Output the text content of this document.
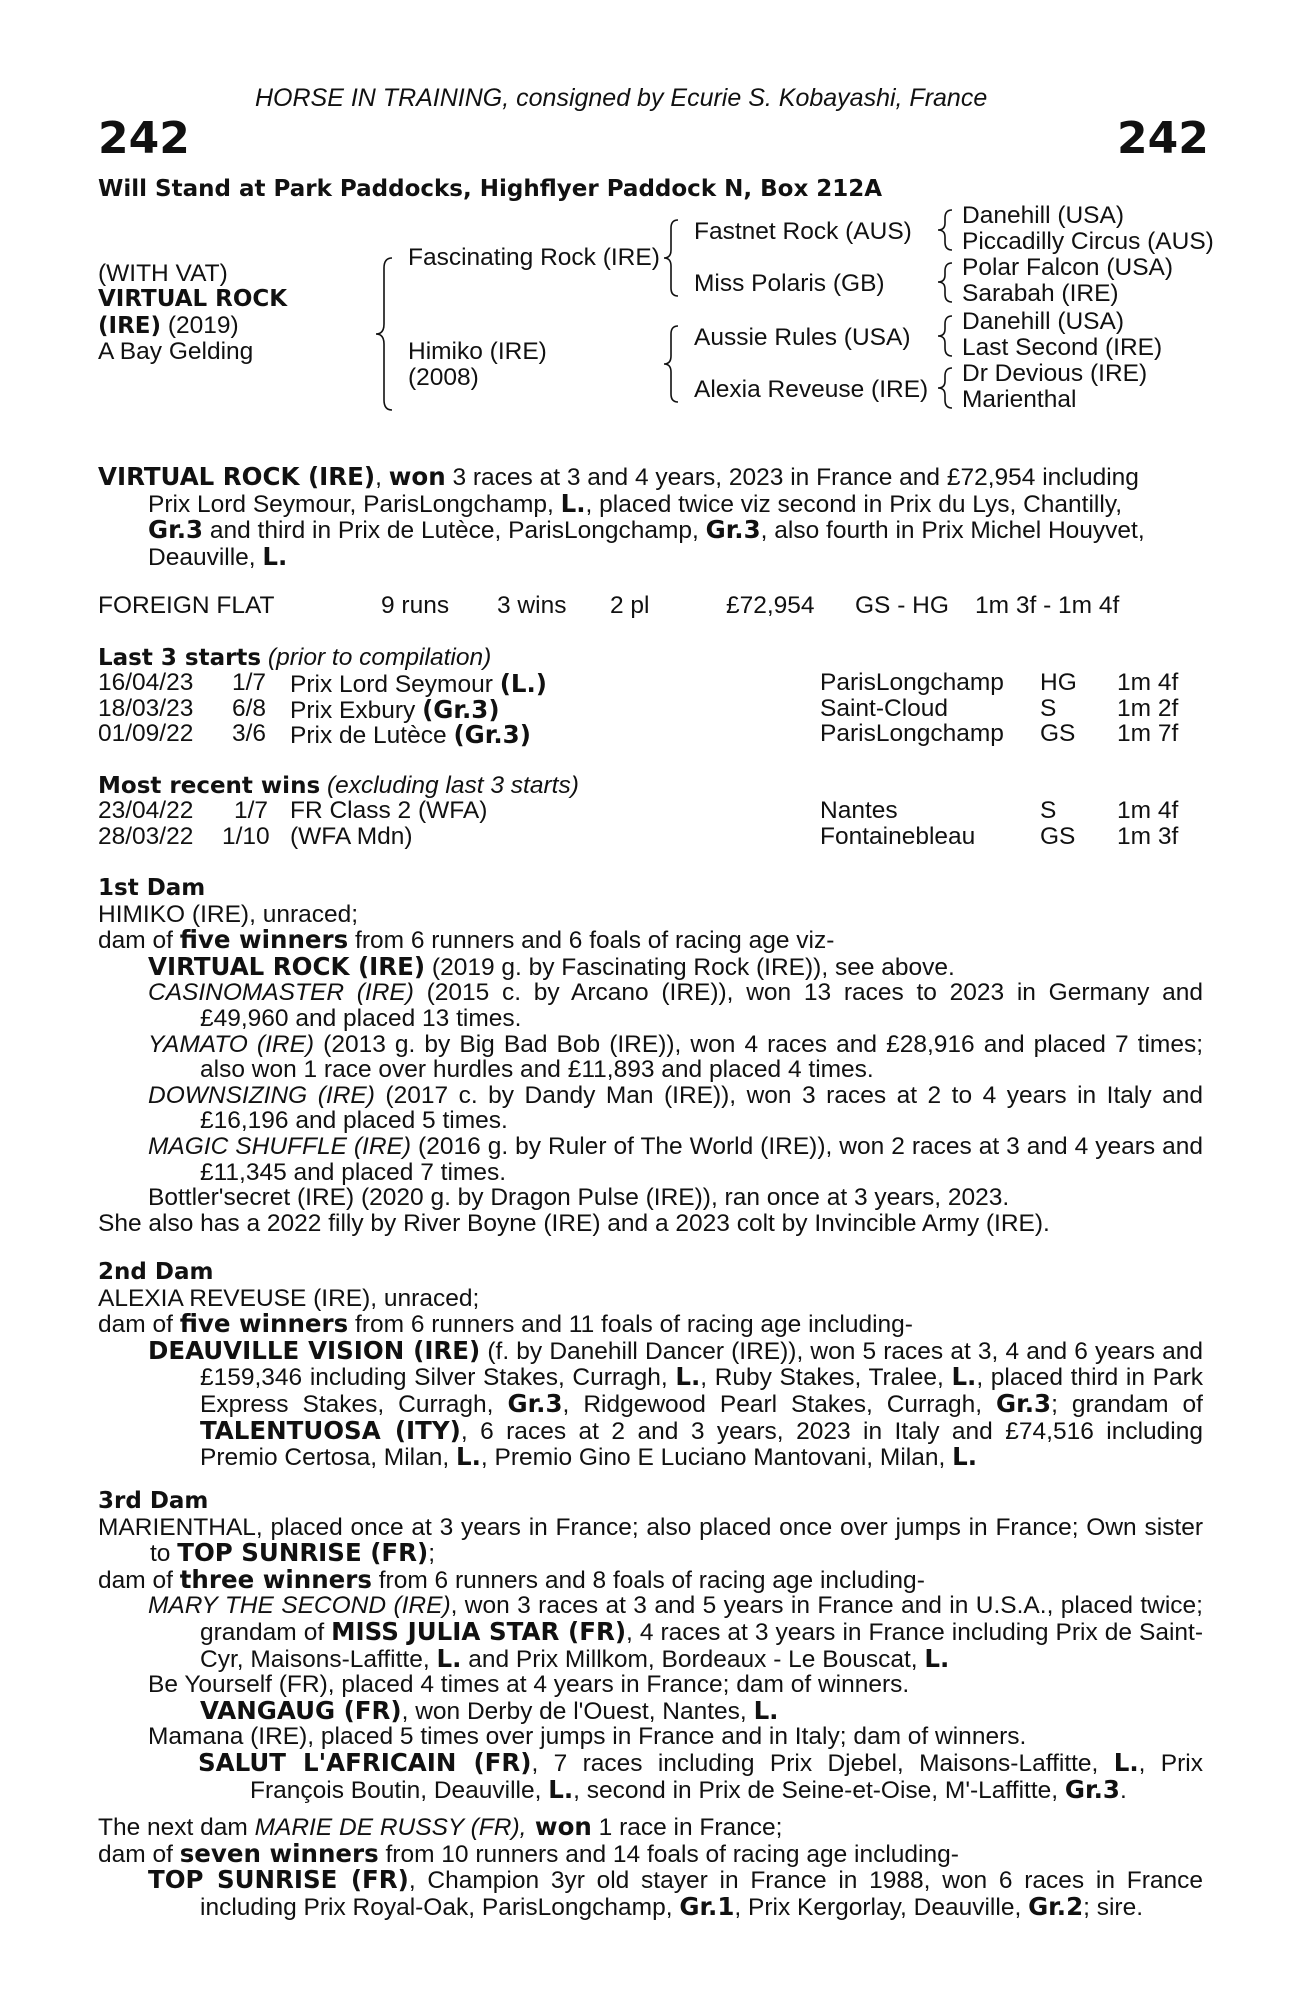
HORSE IN TRAINING, consigned by Ecurie S. Kobayashi, France
242	242
Will Stand at Park Paddocks, Highflyer Paddock N, Box 212A
(WITH VAT)
VIRTUAL ROCK
(IRE) (2019)
A Bay Gelding
Fascinating Rock (IRE)
Himiko (IRE)
(2008)
Fastnet Rock (AUS)
Miss Polaris (GB)
Aussie Rules (USA)
Alexia Reveuse (IRE)
Danehill (USA)
Piccadilly Circus (AUS)
Polar Falcon (USA)
Sarabah (IRE)
Danehill (USA)
Last Second (IRE)
Dr Devious (IRE)
Marienthal
VIRTUAL ROCK (IRE), won 3 races at 3 and 4 years, 2023 in France and £72,954 including
Prix Lord Seymour, ParisLongchamp, L., placed twice viz second in Prix du Lys, Chantilly,
Gr.3 and third in Prix de Lutèce, ParisLongchamp, Gr.3, also fourth in Prix Michel Houyvet,
Deauville, L.
FOREIGN FLAT	9 runs 3 wins 2 pl	£72,954 GS - HG 1m 3f - 1m 4f
Last 3 starts (prior to compilation)
16/04/23 1/7 Prix Lord Seymour (L.)	ParisLongchamp HG 1m 4f
18/03/23 6/8 Prix Exbury (Gr.3)	Saint-Cloud	S 1m 2f
01/09/22 3/6 Prix de Lutèce (Gr.3)	ParisLongchamp GS 1m 7f
Most recent wins (excluding last 3 starts)
23/04/22 1/7 FR Class 2 (WFA)	Nantes	S 1m 4f
28/03/22 1/10 (WFA Mdn)	Fontainebleau	GS 1m 3f
1st Dam
HIMIKO (IRE), unraced;
dam of five winners from 6 runners and 6 foals of racing age viz-
VIRTUAL ROCK (IRE) (2019 g. by Fascinating Rock (IRE)), see above.
CASINOMASTER (IRE) (2015 c. by Arcano (IRE)), won 13 races to 2023 in Germany and £49,960 and placed 13 times.
YAMATO (IRE) (2013 g. by Big Bad Bob (IRE)), won 4 races and £28,916 and placed 7 times; also won 1 race over hurdles and £11,893 and placed 4 times.
DOWNSIZING (IRE) (2017 c. by Dandy Man (IRE)), won 3 races at 2 to 4 years in Italy and £16,196 and placed 5 times.
MAGIC SHUFFLE (IRE) (2016 g. by Ruler of The World (IRE)), won 2 races at 3 and 4 years and £11,345 and placed 7 times.
Bottler'secret (IRE) (2020 g. by Dragon Pulse (IRE)), ran once at 3 years, 2023.
She also has a 2022 filly by River Boyne (IRE) and a 2023 colt by Invincible Army (IRE).
2nd Dam
ALEXIA REVEUSE (IRE), unraced;
dam of five winners from 6 runners and 11 foals of racing age including-
DEAUVILLE VISION (IRE) (f. by Danehill Dancer (IRE)), won 5 races at 3, 4 and 6 years and £159,346 including Silver Stakes, Curragh, L., Ruby Stakes, Tralee, L., placed third in Park Express Stakes, Curragh, Gr.3, Ridgewood Pearl Stakes, Curragh, Gr.3; grandam of TALENTUOSA (ITY), 6 races at 2 and 3 years, 2023 in Italy and £74,516 including Premio Certosa, Milan, L., Premio Gino E Luciano Mantovani, Milan, L.
3rd Dam
MARIENTHAL, placed once at 3 years in France; also placed once over jumps in France; Own sister to TOP SUNRISE (FR);
dam of three winners from 6 runners and 8 foals of racing age including-
MARY THE SECOND (IRE), won 3 races at 3 and 5 years in France and in U.S.A., placed twice; grandam of MISS JULIA STAR (FR), 4 races at 3 years in France including Prix de Saint-Cyr, Maisons-Laffitte, L. and Prix Millkom, Bordeaux - Le Bouscat, L.
Be Yourself (FR), placed 4 times at 4 years in France; dam of winners.
VANGAUG (FR), won Derby de l'Ouest, Nantes, L.
Mamana (IRE), placed 5 times over jumps in France and in Italy; dam of winners.
SALUT L'AFRICAIN (FR), 7 races including Prix Djebel, Maisons-Laffitte, L., Prix François Boutin, Deauville, L., second in Prix de Seine-et-Oise, M'-Laffitte, Gr.3.
The next dam MARIE DE RUSSY (FR), won 1 race in France;
dam of seven winners from 10 runners and 14 foals of racing age including-
TOP SUNRISE (FR), Champion 3yr old stayer in France in 1988, won 6 races in France including Prix Royal-Oak, ParisLongchamp, Gr.1, Prix Kergorlay, Deauville, Gr.2; sire.
